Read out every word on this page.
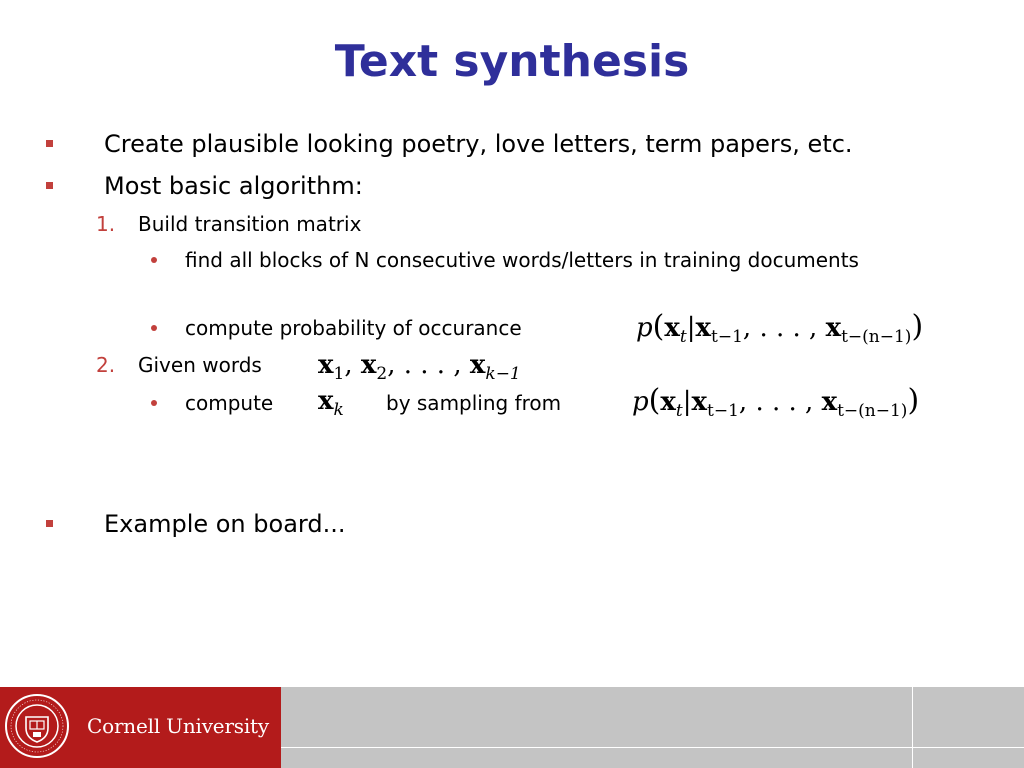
Text synthesis
Create plausible looking poetry, love letters, term papers, etc.
Most basic algorithm:
1. Build transition matrix
find all blocks of N consecutive words/letters in training documents
compute probability of occurance	$p(x_t|x_{t-1}$, . . . , $x_{t-(n-1)}$)
2. Given words $x_1$, $x_2$, . . . , $x_{k-1}$
compute $x_k$ by sampling from	$p(x_t|x_{t-1}$, . . . , $x_{t-(n-1)}$)
Example on board...
Cornell University
